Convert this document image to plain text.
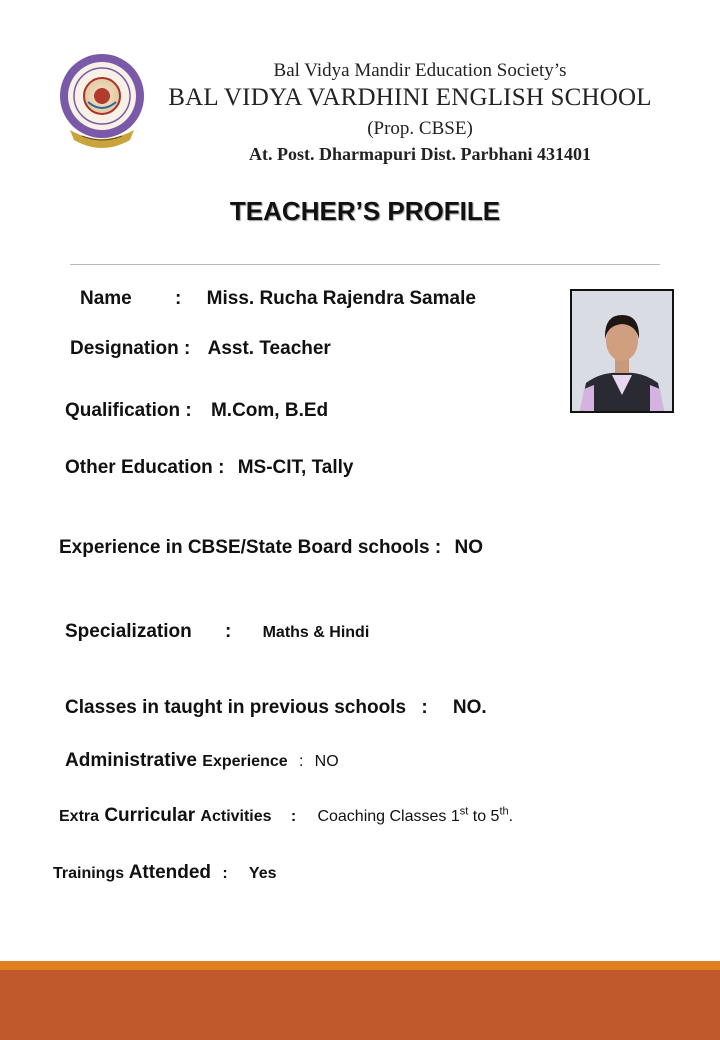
Bal Vidya Mandir Education Society’s
BAL VIDYA VARDHINI ENGLISH SCHOOL
(Prop. CBSE)
At. Post. Dharmapuri Dist. Parbhani 431401
TEACHER’S PROFILE
Name : Miss. Rucha Rajendra Samale
Designation : Asst. Teacher
Qualification : M.Com, B.Ed
Other Education : MS-CIT, Tally
Experience in CBSE/State Board schools : NO
Specialization : Maths & Hindi
Classes in taught in previous schools : NO.
Administrative Experience : NO
Extra Curricular Activities : Coaching Classes 1st to 5th.
Trainings Attended : Yes
